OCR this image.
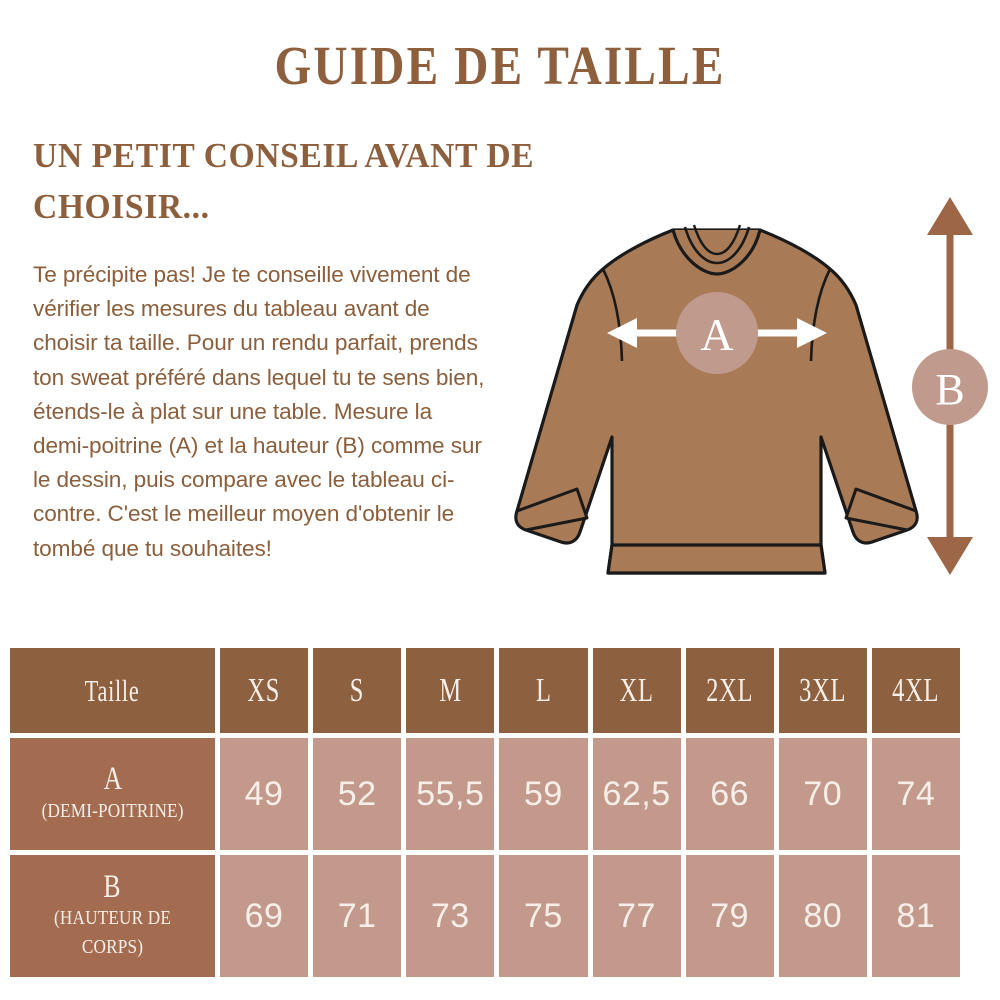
GUIDE DE TAILLE
UN PETIT CONSEIL AVANT DE CHOISIR...

Te précipite pas! Je te conseille vivement de vérifier les mesures du tableau avant de choisir ta taille. Pour un rendu parfait, prends ton sweat préféré dans lequel tu te sens bien, étends-le à plat sur une table. Mesure la demi-poitrine (A) et la hauteur (B) comme sur le dessin, puis compare avec le tableau ci-contre. C'est le meilleur moyen d'obtenir le tombé que tu souhaites!

A
B
Taille	XS S M L XL 2XL 3XL 4XL
A
(DEMI-POITRINE) 49 52 55,5 59 62,5 66 70 74
B
(HAUTEUR DE CORPS)
69 71 73 75 77 79 80 81
